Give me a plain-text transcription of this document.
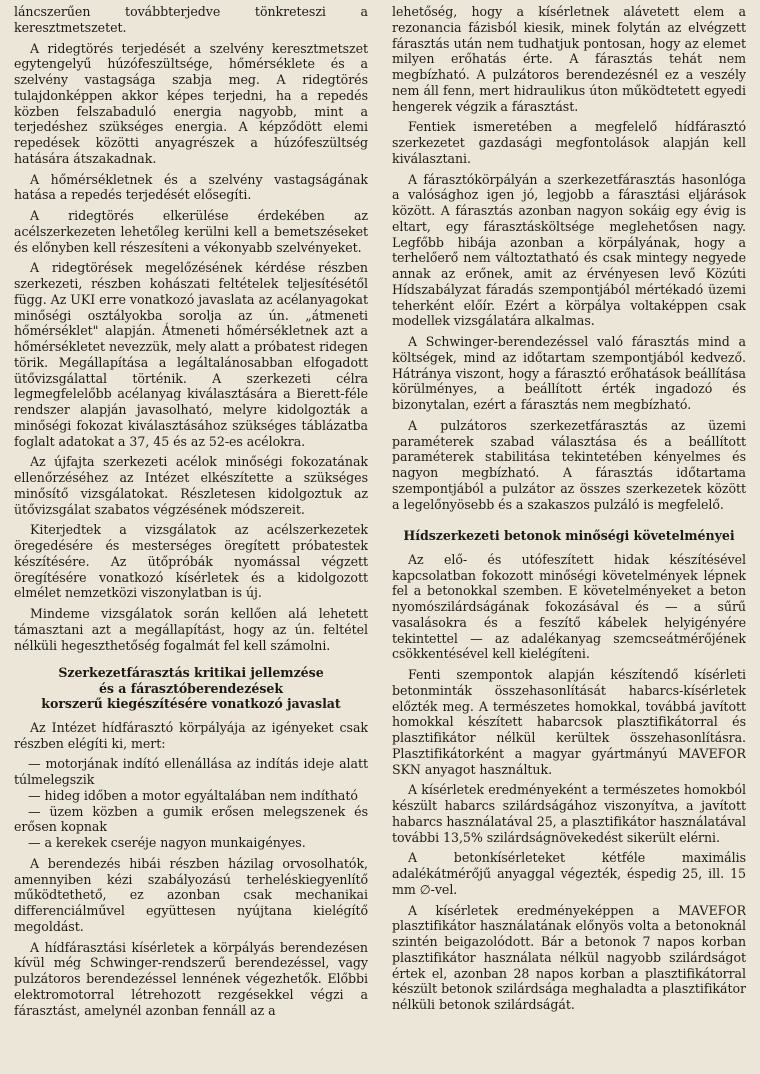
láncszerűen továbbterjedve tönkreteszi a keresztmetszetet.

A ridegtörés terjedését a szelvény keresztmetszet egytengelyű húzófeszültsége, hőmérséklete és a szelvény vastagsága szabja meg. A ridegtörés tulajdonképpen akkor képes terjedni, ha a repedés közben felszabaduló energia nagyobb, mint a terjedéshez szükséges energia. A képződött elemi repedések közötti anyagrészek a húzófeszültség hatására átszakadnak.

A hőmérsékletnek és a szelvény vastagságának hatása a repedés terjedését elősegíti.

A ridegtörés elkerülése érdekében az acélszerkezeten lehetőleg kerülni kell a bemetszéseket és előnyben kell részesíteni a vékonyabb szelvényeket.

A ridegtörések megelőzésének kérdése részben szerkezeti, részben kohászati feltételek teljesítésétől függ. Az UKI erre vonatkozó javaslata az acélanyagokat minőségi osztályokba sorolja az ún. „átmeneti hőmérséklet" alapján. Átmeneti hőmérsékletnek azt a hőmérsékletet nevezzük, mely alatt a próbatest ridegen törik. Megállapítása a legáltalánosabban elfogadott ütővizsgálattal történik. A szerkezeti célra legmegfelelőbb acélanyag kiválasztására a Bierett-féle rendszer alapján javasolható, melyre kidolgozták a minőségi fokozat kiválasztásához szükséges táblázatba foglalt adatokat a 37, 45 és az 52-es acélokra.

Az újfajta szerkezeti acélok minőségi fokozatának ellenőrzéséhez az Intézet elkészítette a szükséges minősítő vizsgálatokat. Részletesen kidolgoztuk az ütővizsgálat szabatos végzésének módszereit.

Kiterjedtek a vizsgálatok az acélszerkezetek öregedésére és mesterséges öregített próbatestek készítésére. Az ütőpróbák nyomással végzett öregítésére vonatkozó kísérletek és a kidolgozott elmélet nemzetközi viszonylatban is új.

Mindeme vizsgálatok során kellően alá lehetett támasztani azt a megállapítást, hogy az ún. feltétel nélküli hegeszthetőség fogalmát fel kell számolni.

Szerkezetfárasztás kritikai jellemzése
és a fárasztóberendezések
korszerű kiegészítésére vonatkozó javaslat

Az Intézet hídfárasztó körpályája az igényeket csak részben elégíti ki, mert:

— motorjának indító ellenállása az indítás ideje alatt túlmelegszik

— hideg időben a motor egyáltalában nem indítható

— üzem közben a gumik erősen melegszenek és erősen kopnak

— a kerekek cseréje nagyon munkaigényes.

A berendezés hibái részben házilag orvosolhatók, amennyiben kézi szabályozású terheléskiegyenlítő működtethető, ez azonban csak mechanikai differenciálművel együttesen nyújtana kielégítő megoldást.

A hídfárasztási kísérletek a körpályás berendezésen kívül még Schwinger-rendszerű berendezéssel, vagy pulzátoros berendezéssel lennének végezhetők. Előbbi elektromotorral létrehozott rezgésekkel végzi a fárasztást, amelynél azonban fennáll az a

lehetőség, hogy a kísérletnek alávetett elem a rezonancia fázisból kiesik, minek folytán az elvégzett fárasztás után nem tudhatjuk pontosan, hogy az elemet milyen erőhatás érte. A fárasztás tehát nem megbízható. A pulzátoros berendezésnél ez a veszély nem áll fenn, mert hidraulikus úton működtetett egyedi hengerek végzik a fárasztást.

Fentiek ismeretében a megfelelő hídfárasztó szerkezetet gazdasági megfontolások alapján kell kiválasztani.

A fárasztókörpályán a szerkezetfárasztás hasonlóga a valósághoz igen jó, legjobb a fárasztási eljárások között. A fárasztás azonban nagyon sokáig egy évig is eltart, egy fárasztásköltsége meglehetősen nagy. Legfőbb hibája azonban a körpályának, hogy a terhelőerő nem változtatható és csak mintegy negyede annak az erőnek, amit az érvényesen levő Közúti Hídszabályzat fáradás szempontjából mértékadó üzemi teherként előír. Ezért a körpálya voltaképpen csak modellek vizsgálatára alkalmas.

A Schwinger-berendezéssel való fárasztás mind a költségek, mind az időtartam szempontjából kedvező. Hátránya viszont, hogy a fárasztó erőhatások beállítása körülményes, a beállított érték ingadozó és bizonytalan, ezért a fárasztás nem megbízható.

A pulzátoros szerkezetfárasztás az üzemi paraméterek szabad választása és a beállított paraméterek stabilitása tekintetében kényelmes és nagyon megbízható. A fárasztás időtartama szempontjából a pulzátor az összes szerkezetek között a legelőnyösebb és a szakaszos pulzáló is megfelelő.

Hídszerkezeti betonok minőségi követelményei

Az elő- és utófeszített hidak készítésével kapcsolatban fokozott minőségi követelmények lépnek fel a betonokkal szemben. E követelményeket a beton nyomószilárdságának fokozásával és — a sűrű vasalásokra és a feszítő kábelek helyigényére tekintettel — az adalékanyag szemcseátmérőjének csökkentésével kell kielégíteni.

Fenti szempontok alapján készítendő kísérleti betonminták összehasonlítását habarcs-kísérletek előzték meg. A természetes homokkal, továbbá javított homokkal készített habarcsok plasztifikátorral és plasztifikátor nélkül kerültek összehasonlításra. Plasztifikátorként a magyar gyártmányú MAVEFOR SKN anyagot használtuk.

A kísérletek eredményeként a természetes homokból készült habarcs szilárdságához viszonyítva, a javított habarcs használatával 25, a plasztifikátor használatával további 13,5% szilárdságnövekedést sikerült elérni.

A betonkísérleteket kétféle maximális adalékátmérőjű anyaggal végezték, éspedig 25, ill. 15 mm ∅-vel.

A kísérletek eredményeképpen a MAVEFOR plasztifikátor használatának előnyös volta a betonoknál szintén beigazolódott. Bár a betonok 7 napos korban plasztifikátor használata nélkül nagyobb szilárdságot értek el, azonban 28 napos korban a plasztifikátorral készült betonok szilárdsága meghaladta a plasztifikátor nélküli betonok szilárdságát.
